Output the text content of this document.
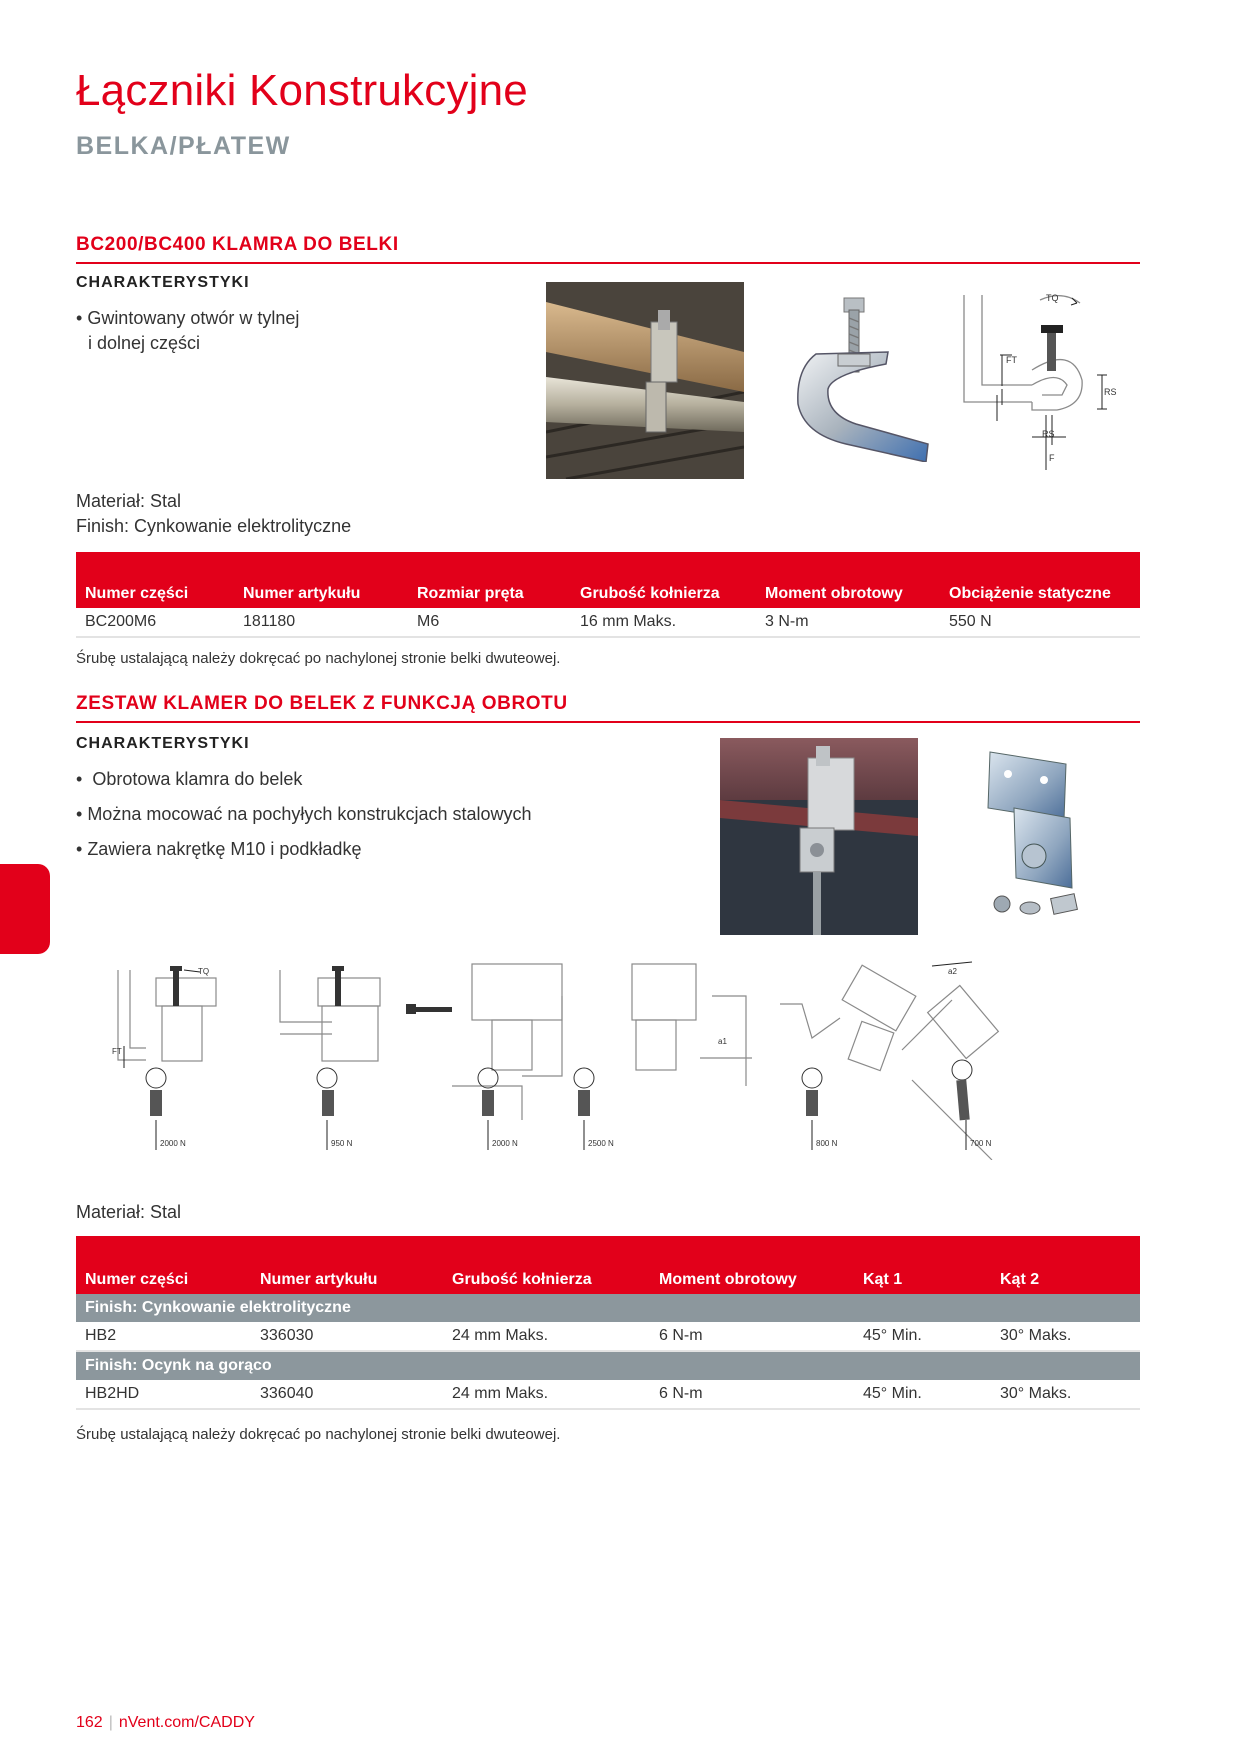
Łączniki Konstrukcyjne
BELKA/PŁATEW
BC200/BC400 KLAMRA DO BELKI
CHARAKTERYSTYKI
• Gwintowany otwór w tylnej
i dolnej części
TQ
FT
RS
RS
F
Materiał: Stal
Finish: Cynkowanie elektrolityczne
Numer części	Numer artykułu	Rozmiar pręta	Grubość kołnierza	Moment obrotowy	Obciążenie statyczne
BC200M6	181180	M6	16 mm Maks.	3 N-m	550 N
Śrubę ustalającą należy dokręcać po nachylonej stronie belki dwuteowej.
ZESTAW KLAMER DO BELEK Z FUNKCJĄ OBROTU
CHARAKTERYSTYKI
•  Obrotowa klamra do belek
• Można mocować na pochyłych konstrukcjach stalowych
• Zawiera nakrętkę M10 i podkładkę
TQ
FT
2000 N	950 N	2000 N	2500 N
a1
800 N
a2
700 N
Materiał: Stal
Numer części	Numer artykułu	Grubość kołnierza	Moment obrotowy	Kąt 1	Kąt 2
Finish: Cynkowanie elektrolityczne					
HB2	336030	24 mm Maks.	6 N-m	45° Min.	30° Maks.
Finish: Ocynk na gorąco					
HB2HD	336040	24 mm Maks.	6 N-m	45° Min.	30° Maks.
Śrubę ustalającą należy dokręcać po nachylonej stronie belki dwuteowej.
162 | nVent.com/CADDY
